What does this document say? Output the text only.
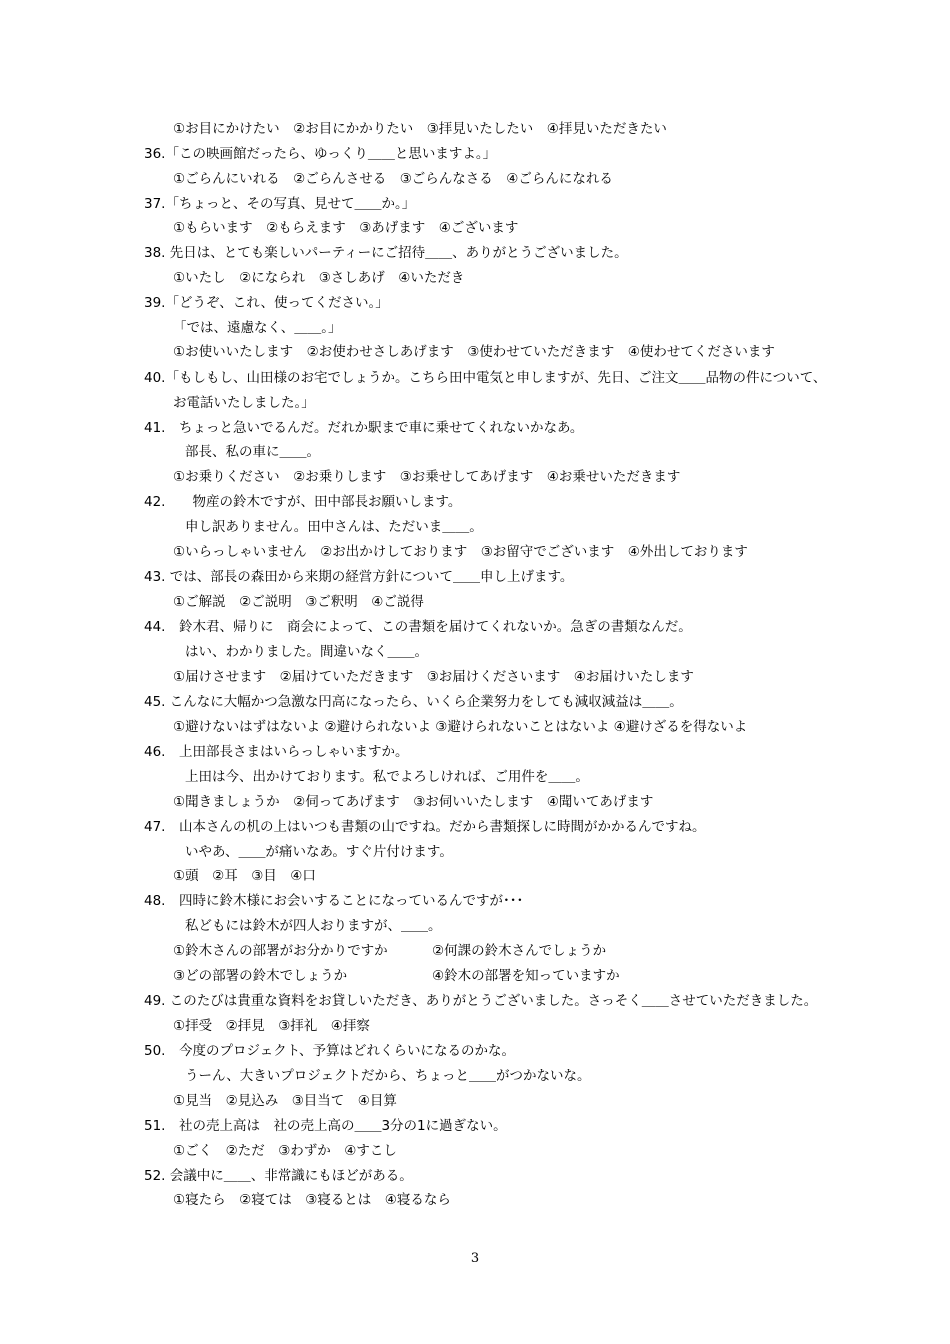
①お目にかけたい　②お目にかかりたい　③拝見いたしたい　④拝見いただきたい
36.「この映画館だったら、ゆっくり＿＿と思いますよ。」
①ごらんにいれる　②ごらんさせる　③ごらんなさる　④ごらんになれる
37.「ちょっと、その写真、見せて＿＿か。」
①もらいます　②もらえます　③あげます　④ございます
38. 先日は、とても楽しいパーティーにご招待＿＿、ありがとうございました。
①いたし　②になられ　③さしあげ　④いただき
39.「どうぞ、これ、使ってください。」
「では、遠慮なく、＿＿。」
①お使いいたします　②お使わせさしあげます　③使わせていただきます　④使わせてくださいます
40.「もしもし、山田様のお宅でしょうか。こちら田中電気と申しますが、先日、ご注文＿＿品物の件について、
お電話いたしました。」
41.　ちょっと急いでるんだ。だれか駅まで車に乗せてくれないかなあ。
部長、私の車に＿＿。
①お乗りください　②お乗りします　③お乗せしてあげます　④お乗せいただきます
42.　　物産の鈴木ですが、田中部長お願いします。
申し訳ありません。田中さんは、ただいま＿＿。
①いらっしゃいません　②お出かけしております　③お留守でございます　④外出しております
43. では、部長の森田から来期の経営方針について＿＿申し上げます。
①ご解説　②ご説明　③ご釈明　④ご説得
44.　鈴木君、帰りに　商会によって、この書類を届けてくれないか。急ぎの書類なんだ。
はい、わかりました。間違いなく＿＿。
①届けさせます　②届けていただきます　③お届けくださいます　④お届けいたします
45. こんなに大幅かつ急激な円高になったら、いくら企業努力をしても減収減益は＿＿。
①避けないはずはないよ ②避けられないよ ③避けられないことはないよ ④避けざるを得ないよ
46.　上田部長さまはいらっしゃいますか。
上田は今、出かけております。私でよろしければ、ご用件を＿＿。
①聞きましょうか　②伺ってあげます　③お伺いいたします　④聞いてあげます
47.　山本さんの机の上はいつも書類の山ですね。だから書類探しに時間がかかるんですね。
いやあ、＿＿が痛いなあ。すぐ片付けます。
①頭　②耳　③目　④口
48.　四時に鈴木様にお会いすることになっているんですが･･･
私どもには鈴木が四人おりますが、＿＿。
①鈴木さんの部署がお分かりですか	②何課の鈴木さんでしょうか
③どの部署の鈴木でしょうか	④鈴木の部署を知っていますか
49. このたびは貴重な資料をお貸しいただき、ありがとうございました。さっそく＿＿させていただきました。
①拝受　②拝見　③拝礼　④拝察
50.　今度のプロジェクト、予算はどれくらいになるのかな。
うーん、大きいプロジェクトだから、ちょっと＿＿がつかないな。
①見当　②見込み　③目当て　④目算
51.　社の売上高は　社の売上高の＿＿3分の1に過ぎない。
①ごく　②ただ　③わずか　④すこし
52. 会議中に＿＿、非常識にもほどがある。
①寝たら　②寝ては　③寝るとは　④寝るなら
3
